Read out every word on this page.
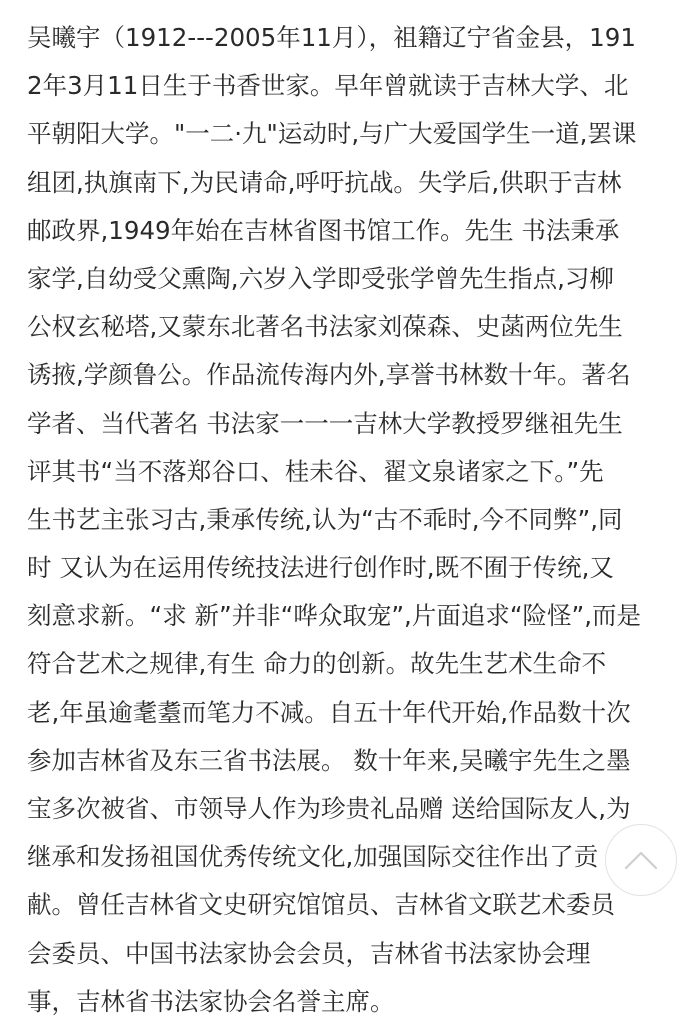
吴曦宇（1912---2005年11月），祖籍辽宁省金县，191
2年3月11日生于书香世家。早年曾就读于吉林大学、北
平朝阳大学。"一二·九"运动时,与广大爱国学生一道,罢课
组团,执旗南下,为民请命,呼吁抗战。失学后,供职于吉林
邮政界,1949年始在吉林省图书馆工作。先生 书法秉承
家学,自幼受父熏陶,六岁入学即受张学曾先生指点,习柳
公权玄秘塔,又蒙东北著名书法家刘葆森、史菡两位先生
诱掖,学颜鲁公。作品流传海内外,享誉书林数十年。著名
学者、当代著名 书法家一一一吉林大学教授罗继祖先生
评其书“当不落郑谷口、桂未谷、翟文泉诸家之下。”先
生书艺主张习古,秉承传统,认为“古不乖时,今不同弊”,同
时 又认为在运用传统技法进行创作时,既不囿于传统,又
刻意求新。“求 新”并非“哗众取宠”,片面追求“险怪”,而是
符合艺术之规律,有生 命力的创新。故先生艺术生命不
老,年虽逾耄耋而笔力不减。自五十年代开始,作品数十次
参加吉林省及东三省书法展。 数十年来,吴曦宇先生之墨
宝多次被省、市领导人作为珍贵礼品赠 送给国际友人,为
继承和发扬祖国优秀传统文化,加强国际交往作出了贡
献。曾任吉林省文史研究馆馆员、吉林省文联艺术委员
会委员、中国书法家协会会员，吉林省书法家协会理
事，吉林省书法家协会名誉主席。
